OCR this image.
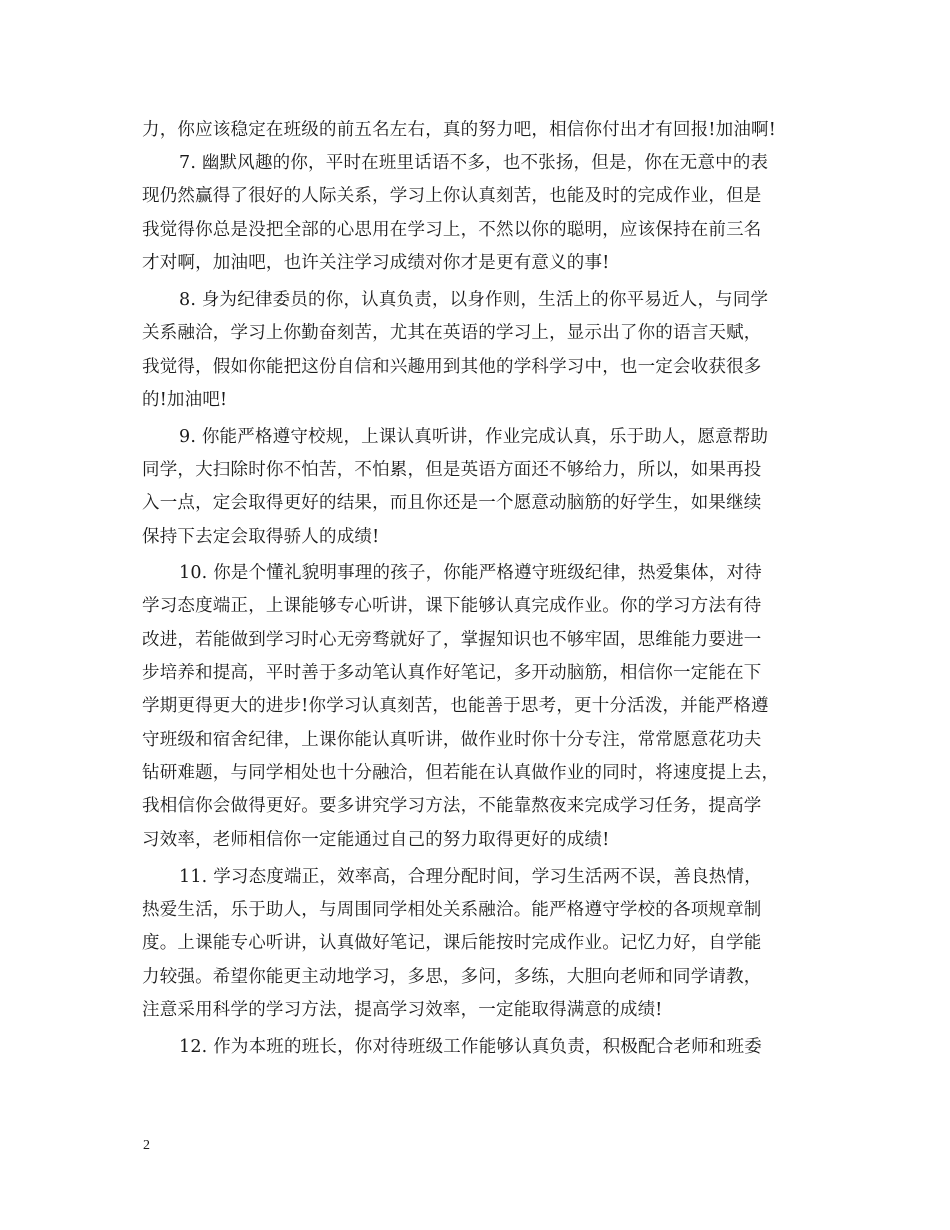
力，你应该稳定在班级的前五名左右，真的努力吧，相信你付出才有回报!加油啊!
7. 幽默风趣的你，平时在班里话语不多，也不张扬，但是，你在无意中的表
现仍然赢得了很好的人际关系，学习上你认真刻苦，也能及时的完成作业，但是
我觉得你总是没把全部的心思用在学习上，不然以你的聪明，应该保持在前三名
才对啊，加油吧，也许关注学习成绩对你才是更有意义的事!
8. 身为纪律委员的你，认真负责，以身作则，生活上的你平易近人，与同学
关系融洽，学习上你勤奋刻苦，尤其在英语的学习上，显示出了你的语言天赋，
我觉得，假如你能把这份自信和兴趣用到其他的学科学习中，也一定会收获很多
的!加油吧!
9. 你能严格遵守校规，上课认真听讲，作业完成认真，乐于助人，愿意帮助
同学，大扫除时你不怕苦，不怕累，但是英语方面还不够给力，所以，如果再投
入一点，定会取得更好的结果，而且你还是一个愿意动脑筋的好学生，如果继续
保持下去定会取得骄人的成绩!
10. 你是个懂礼貌明事理的孩子，你能严格遵守班级纪律，热爱集体，对待
学习态度端正，上课能够专心听讲，课下能够认真完成作业。你的学习方法有待
改进，若能做到学习时心无旁骛就好了，掌握知识也不够牢固，思维能力要进一
步培养和提高，平时善于多动笔认真作好笔记，多开动脑筋，相信你一定能在下
学期更得更大的进步!你学习认真刻苦，也能善于思考，更十分活泼，并能严格遵
守班级和宿舍纪律，上课你能认真听讲，做作业时你十分专注，常常愿意花功夫
钻研难题，与同学相处也十分融洽，但若能在认真做作业的同时，将速度提上去，
我相信你会做得更好。要多讲究学习方法，不能靠熬夜来完成学习任务，提高学
习效率，老师相信你一定能通过自己的努力取得更好的成绩!
11. 学习态度端正，效率高，合理分配时间，学习生活两不误，善良热情，
热爱生活，乐于助人，与周围同学相处关系融洽。能严格遵守学校的各项规章制
度。上课能专心听讲，认真做好笔记，课后能按时完成作业。记忆力好，自学能
力较强。希望你能更主动地学习，多思，多问，多练，大胆向老师和同学请教，
注意采用科学的学习方法，提高学习效率，一定能取得满意的成绩!
12. 作为本班的班长，你对待班级工作能够认真负责，积极配合老师和班委
2
